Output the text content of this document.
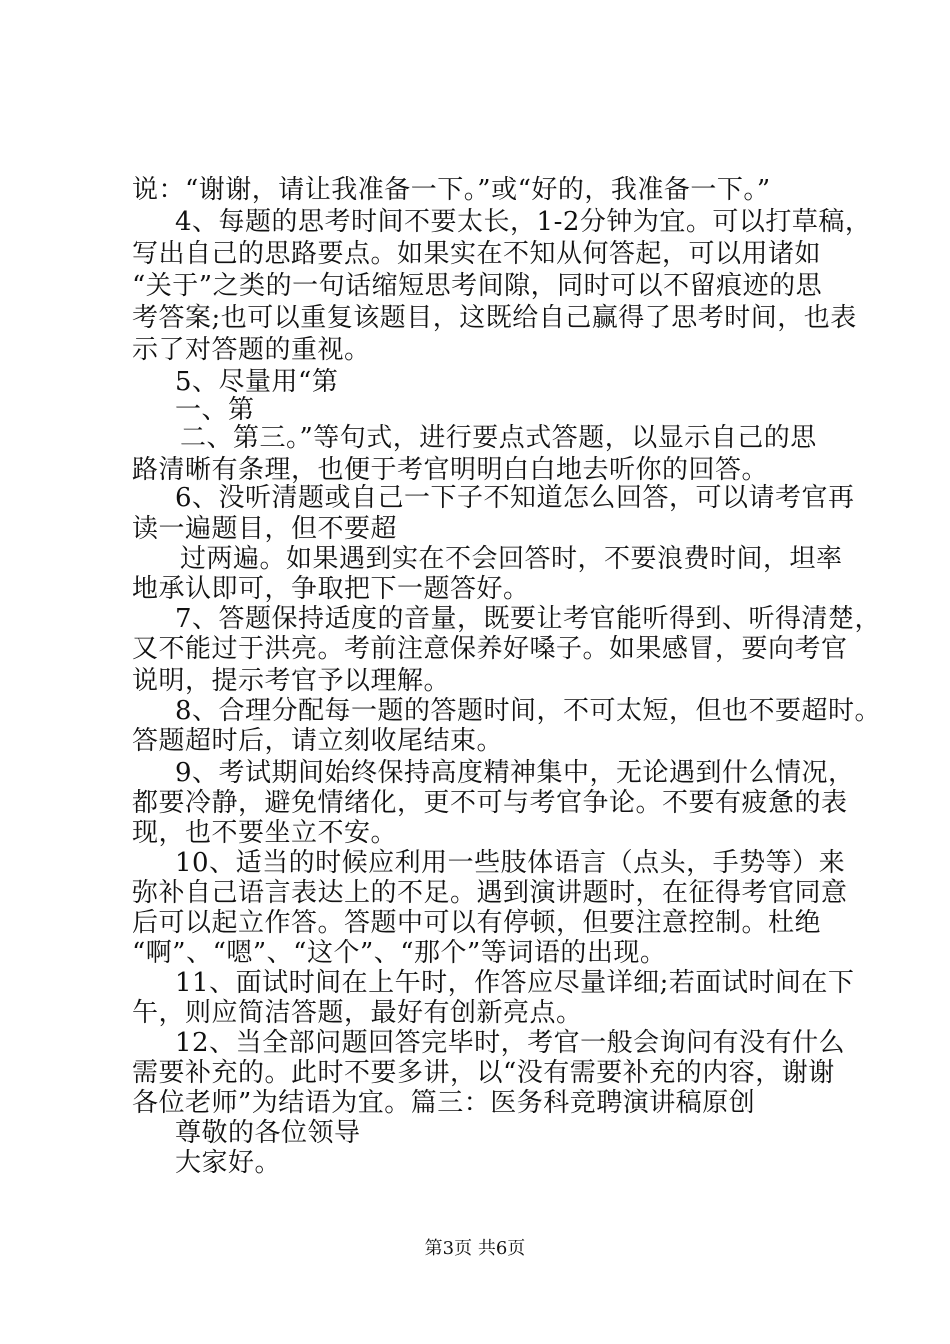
说：“谢谢，请让我准备一下。”或“好的，我准备一下。”
4、每题的思考时间不要太长，1-2分钟为宜。可以打草稿，
写出自己的思路要点。如果实在不知从何答起，可以用诸如
“关于”之类的一句话缩短思考间隙，同时可以不留痕迹的思
考答案;也可以重复该题目，这既给自己赢得了思考时间，也表
示了对答题的重视。
5、尽量用“第
一、第
二、第三。”等句式，进行要点式答题，以显示自己的思
路清晰有条理，也便于考官明明白白地去听你的回答。
6、没听清题或自己一下子不知道怎么回答，可以请考官再
读一遍题目，但不要超
过两遍。如果遇到实在不会回答时，不要浪费时间，坦率
地承认即可，争取把下一题答好。
7、答题保持适度的音量，既要让考官能听得到、听得清楚，
又不能过于洪亮。考前注意保养好嗓子。如果感冒，要向考官
说明，提示考官予以理解。
8、合理分配每一题的答题时间，不可太短，但也不要超时。
答题超时后，请立刻收尾结束。
9、考试期间始终保持高度精神集中，无论遇到什么情况，
都要冷静，避免情绪化，更不可与考官争论。不要有疲惫的表
现，也不要坐立不安。
10、适当的时候应利用一些肢体语言（点头，手势等）来
弥补自己语言表达上的不足。遇到演讲题时，在征得考官同意
后可以起立作答。答题中可以有停顿，但要注意控制。杜绝
“啊”、“嗯”、“这个”、“那个”等词语的出现。
11、面试时间在上午时，作答应尽量详细;若面试时间在下
午，则应简洁答题，最好有创新亮点。
12、当全部问题回答完毕时，考官一般会询问有没有什么
需要补充的。此时不要多讲，以“没有需要补充的内容，谢谢
各位老师”为结语为宜。篇三：医务科竞聘演讲稿原创
尊敬的各位领导
大家好。
第3页 共6页
